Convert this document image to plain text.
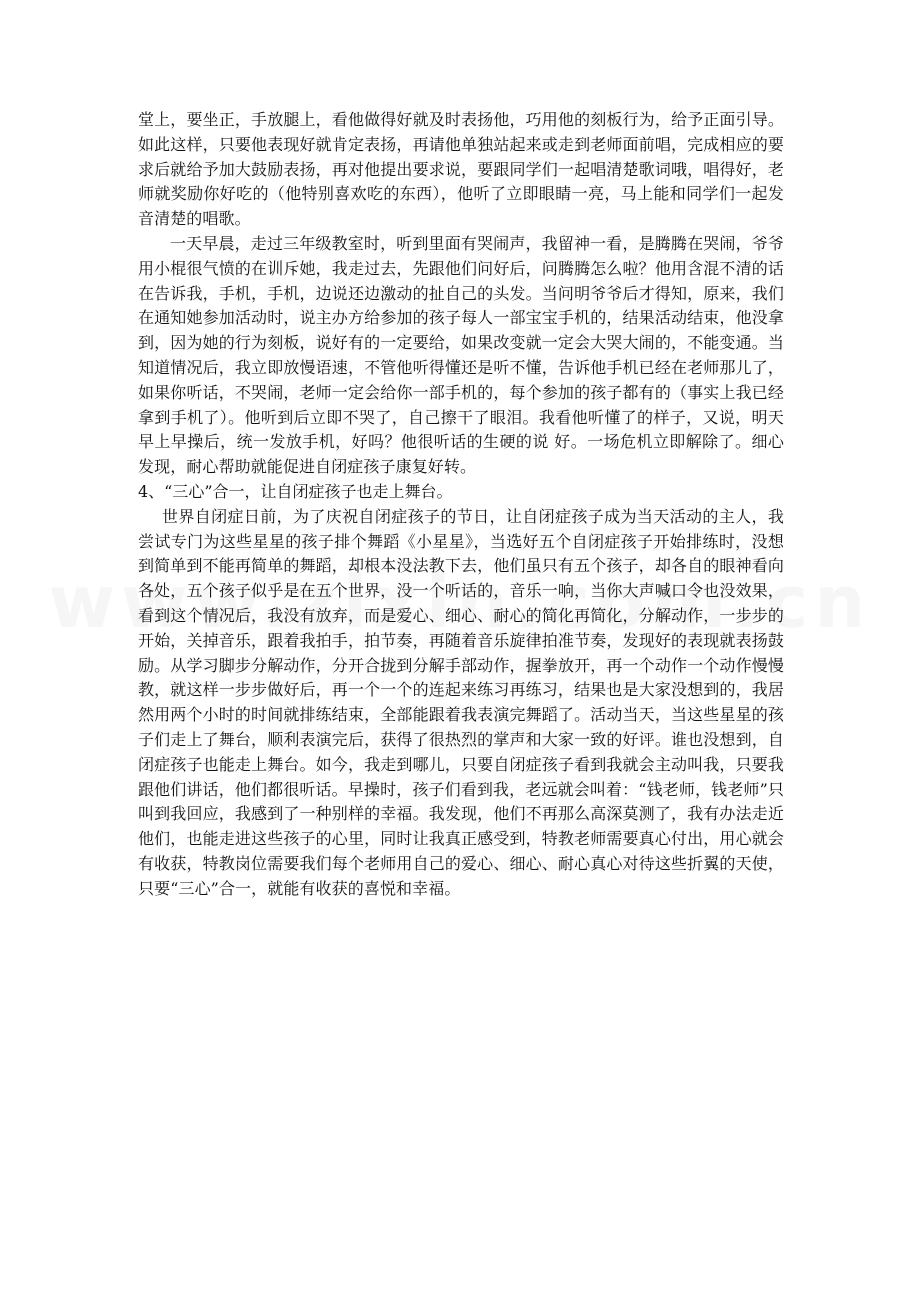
堂上，要坐正，手放腿上，看他做得好就及时表扬他，巧用他的刻板行为，给予正面引导。如此这样，只要他表现好就肯定表扬，再请他单独站起来或走到老师面前唱，完成相应的要求后就给予加大鼓励表扬，再对他提出要求说，要跟同学们一起唱清楚歌词哦，唱得好，老师就奖励你好吃的（他特别喜欢吃的东西），他听了立即眼睛一亮，马上能和同学们一起发音清楚的唱歌。

一天早晨，走过三年级教室时，听到里面有哭闹声，我留神一看，是腾腾在哭闹，爷爷用小棍很气愤的在训斥她，我走过去，先跟他们问好后，问腾腾怎么啦？他用含混不清的话在告诉我，手机，手机，边说还边激动的扯自己的头发。当问明爷爷后才得知，原来，我们在通知她参加活动时，说主办方给参加的孩子每人一部宝宝手机的，结果活动结束，他没拿到，因为她的行为刻板，说好有的一定要给，如果改变就一定会大哭大闹的，不能变通。当知道情况后，我立即放慢语速，不管他听得懂还是听不懂，告诉他手机已经在老师那儿了，如果你听话，不哭闹，老师一定会给你一部手机的，每个参加的孩子都有的（事实上我已经拿到手机了）。他听到后立即不哭了，自己擦干了眼泪。我看他听懂了的样子，又说，明天早上早操后，统一发放手机，好吗？他很听话的生硬的说 好。一场危机立即解除了。细心发现，耐心帮助就能促进自闭症孩子康复好转。

4、“三心”合一，让自闭症孩子也走上舞台。

世界自闭症日前，为了庆祝自闭症孩子的节日，让自闭症孩子成为当天活动的主人，我尝试专门为这些星星的孩子排个舞蹈《小星星》，当选好五个自闭症孩子开始排练时，没想到简单到不能再简单的舞蹈，却根本没法教下去，他们虽只有五个孩子，却各自的眼神看向各处，五个孩子似乎是在五个世界，没一个听话的，音乐一响，当你大声喊口令也没效果，看到这个情况后，我没有放弃，而是爱心、细心、耐心的简化再简化，分解动作，一步步的开始，关掉音乐，跟着我拍手，拍节奏，再随着音乐旋律拍准节奏，发现好的表现就表扬鼓励。从学习脚步分解动作，分开合拢到分解手部动作，握拳放开，再一个动作一个动作慢慢教，就这样一步步做好后，再一个一个的连起来练习再练习，结果也是大家没想到的，我居然用两个小时的时间就排练结束，全部能跟着我表演完舞蹈了。活动当天，当这些星星的孩子们走上了舞台，顺利表演完后，获得了很热烈的掌声和大家一致的好评。谁也没想到，自闭症孩子也能走上舞台。如今，我走到哪儿，只要自闭症孩子看到我就会主动叫我，只要我跟他们讲话，他们都很听话。早操时，孩子们看到我，老远就会叫着：“钱老师，钱老师”只叫到我回应，我感到了一种别样的幸福。我发现，他们不再那么高深莫测了，我有办法走近他们，也能走进这些孩子的心里，同时让我真正感受到，特教老师需要真心付出，用心就会有收获，特教岗位需要我们每个老师用自己的爱心、细心、耐心真心对待这些折翼的天使，只要“三心”合一，就能有收获的喜悦和幸福。
